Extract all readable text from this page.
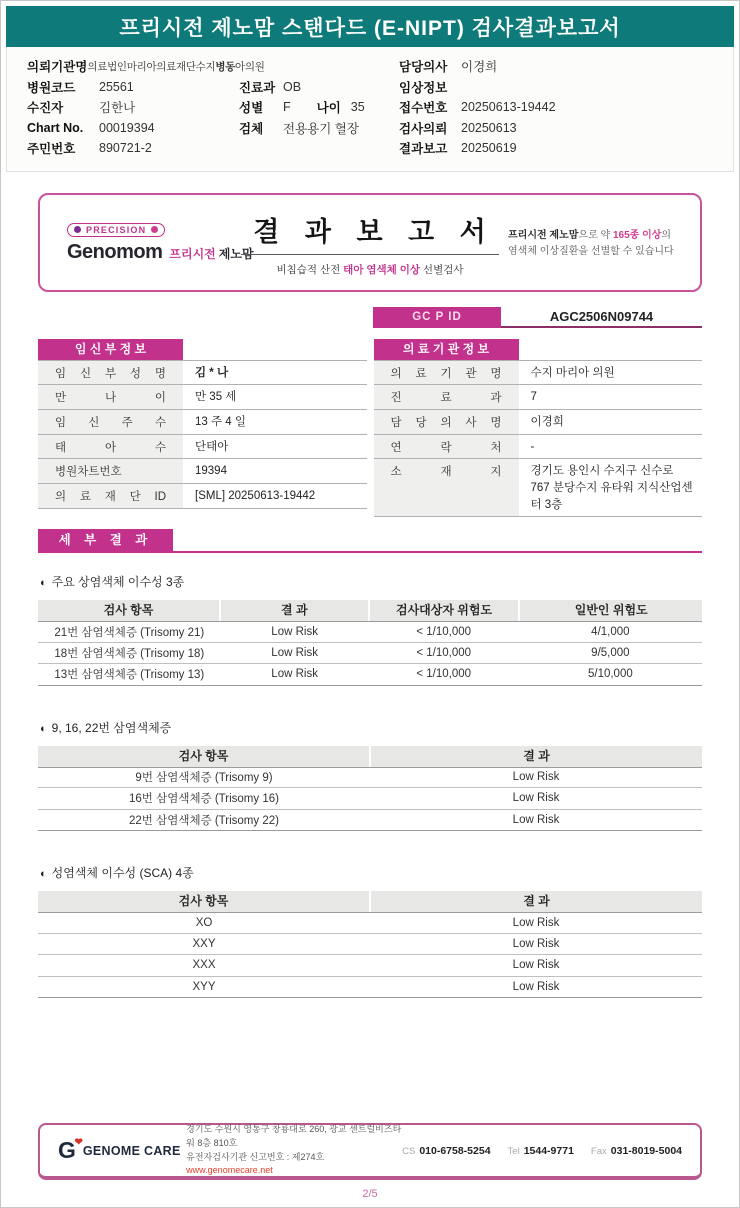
프리시전 제노맘 스탠다드 (E-NIPT) 검사결과보고서
의뢰기관명 의료법인마리아의료재단수지병동아의원
병원코드	25561
수진자	김한나
Chart No.	00019394
주민번호	890721-2
진료과 OB
성별	F 나이 35
검체	전용용기 혈장
담당의사	이경희
임상정보
접수번호	20250613-19442
검사의뢰	20250613
결과보고	20250619
PRECISION
Genomom 프리시전 제노맘
결 과 보 고 서
비침습적 산전 태아 염색체 이상 선별검사
프리시전 제노맘으로 약 165종 이상의
염색체 이상질환을 선별할 수 있습니다
GC P ID	AGC2506N09744
임 신 부 정 보
임 신 부 성 명	김 * 나
만 나 이	만 35 세
임 신 주 수	13 주 4 일
태 아 수	단태아
병원차트번호	19394
의 료 재 단 ID	[SML] 20250613-19442
의 료 기 관 정 보
의 료 기 관 명	수지 마리아 의원
진 료 과	7
담 당 의 사 명	이경희
연 락 처	-
소 재 지	경기도 용인시 수지구 신수로 767 분당수지 유타워 지식산업센터 3층
세 부 결 과
◐ 주요 상염색체 이수성 3종
검사 항목	결 과	검사대상자 위험도	일반인 위험도
21번 삼염색체증 (Trisomy 21)	Low Risk	< 1/10,000	4/1,000
18번 삼염색체증 (Trisomy 18)	Low Risk	< 1/10,000	9/5,000
13번 삼염색체증 (Trisomy 13)	Low Risk	< 1/10,000	5/10,000
◐ 9, 16, 22번 삼염색체증
검사 항목	결 과
9번 삼염색체증 (Trisomy 9)	Low Risk
16번 삼염색체증 (Trisomy 16)	Low Risk
22번 삼염색체증 (Trisomy 22)	Low Risk
◐ 성염색체 이수성 (SCA) 4종
검사 항목	결 과
XO	Low Risk
XXY	Low Risk
XXX	Low Risk
XYY	Low Risk
G
❤
GENOME CARE
경기도 수원시 영통구 창룡대로 260, 광교 센트럴비즈타워 8층 810호
유전자검사기관 신고번호 : 제274호
www.genomecare.net
CS 010-6758-5254 Tel 1544-9771 Fax 031-8019-5004
2/5
